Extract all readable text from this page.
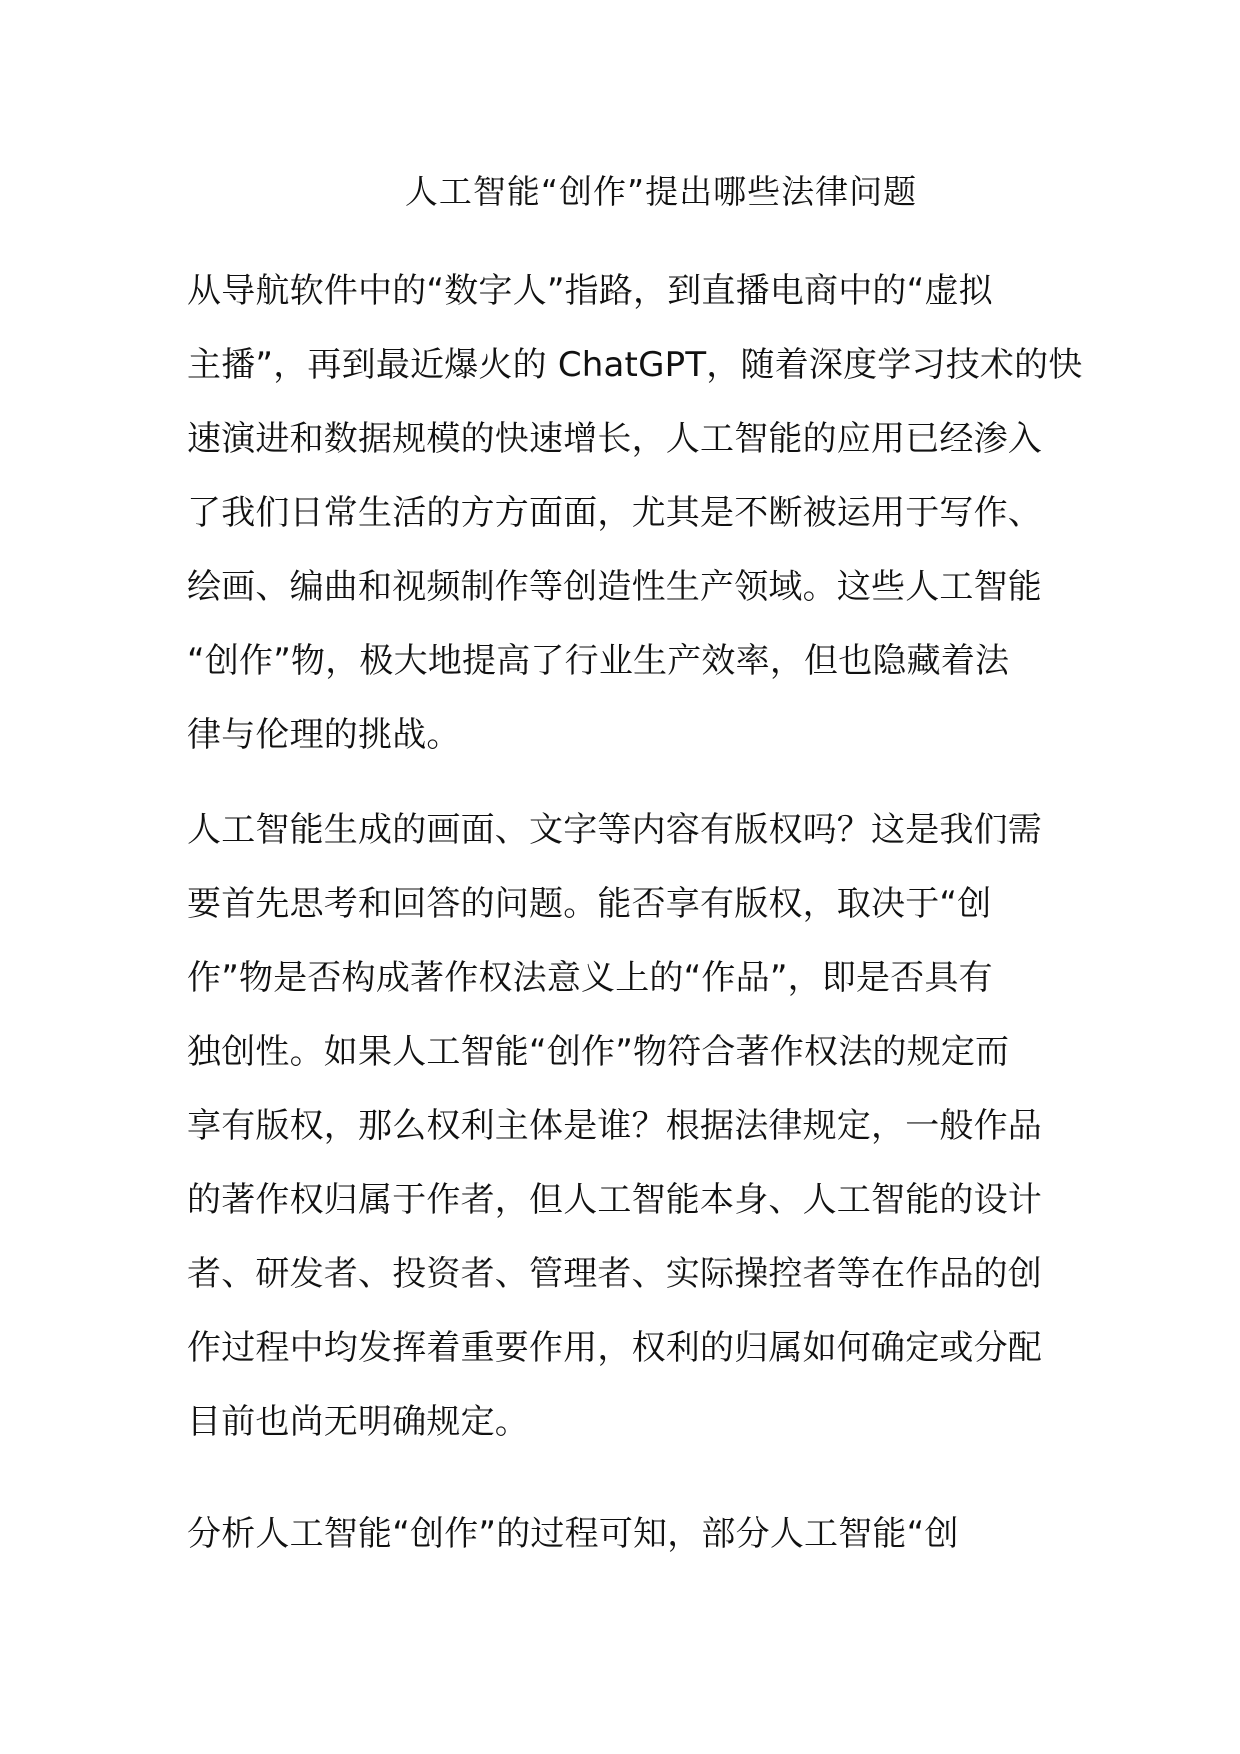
人工智能“创作”提出哪些法律问题
从导航软件中的“数字人”指路，到直播电商中的“虚拟
主播”，再到最近爆火的 ChatGPT，随着深度学习技术的快
速演进和数据规模的快速增长，人工智能的应用已经渗入
了我们日常生活的方方面面，尤其是不断被运用于写作、
绘画、编曲和视频制作等创造性生产领域。这些人工智能
“创作”物，极大地提高了行业生产效率，但也隐藏着法
律与伦理的挑战。
人工智能生成的画面、文字等内容有版权吗？这是我们需
要首先思考和回答的问题。能否享有版权，取决于“创
作”物是否构成著作权法意义上的“作品”，即是否具有
独创性。如果人工智能“创作”物符合著作权法的规定而
享有版权，那么权利主体是谁？根据法律规定，一般作品
的著作权归属于作者，但人工智能本身、人工智能的设计
者、研发者、投资者、管理者、实际操控者等在作品的创
作过程中均发挥着重要作用，权利的归属如何确定或分配
目前也尚无明确规定。
分析人工智能“创作”的过程可知，部分人工智能“创
